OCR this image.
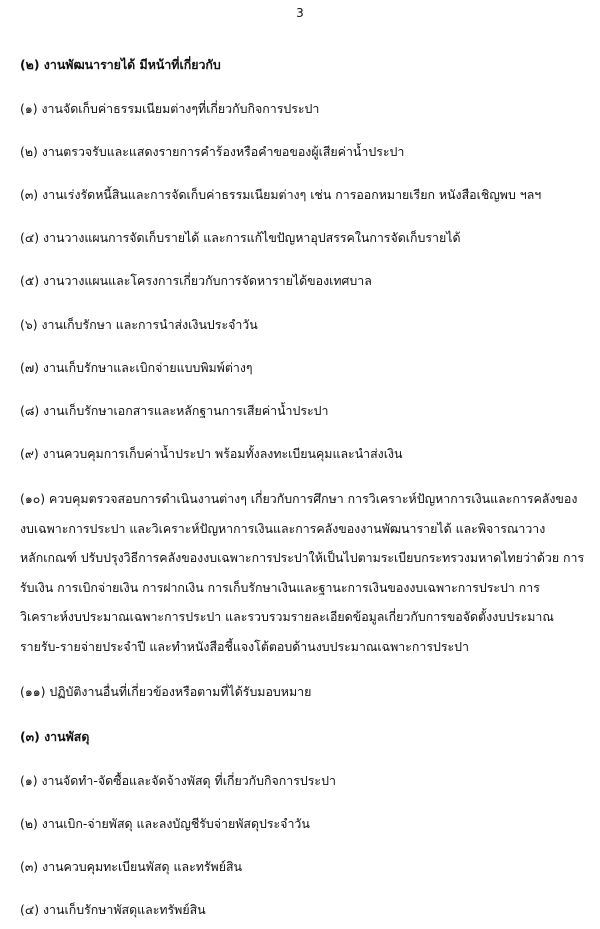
3
(๒) งานพัฒนารายได้ มีหน้าที่เกี่ยวกับ
(๑) งานจัดเก็บค่าธรรมเนียมต่างๆที่เกี่ยวกับกิจการประปา
(๒) งานตรวจรับและแสดงรายการคำร้องหรือคำขอของผู้เสียค่าน้ำประปา
(๓) งานเร่งรัดหนี้สินและการจัดเก็บค่าธรรมเนียมต่างๆ เช่น การออกหมายเรียก หนังสือเชิญพบ ฯลฯ
(๔) งานวางแผนการจัดเก็บรายได้ และการแก้ไขปัญหาอุปสรรคในการจัดเก็บรายได้
(๕) งานวางแผนและโครงการเกี่ยวกับการจัดหารายได้ของเทศบาล
(๖) งานเก็บรักษา และการนำส่งเงินประจำวัน
(๗) งานเก็บรักษาและเบิกจ่ายแบบพิมพ์ต่างๆ
(๘) งานเก็บรักษาเอกสารและหลักฐานการเสียค่าน้ำประปา
(๙) งานควบคุมการเก็บค่าน้ำประปา พร้อมทั้งลงทะเบียนคุมและนำส่งเงิน
(๑๐) ควบคุมตรวจสอบการดำเนินงานต่างๆ เกี่ยวกับการศึกษา การวิเคราะห์ปัญหาการเงินและการคลังของ
งบเฉพาะการประปา และวิเคราะห์ปัญหาการเงินและการคลังของงานพัฒนารายได้ และพิจารณาวาง
หลักเกณฑ์ ปรับปรุงวิธีการคลังของงบเฉพาะการประปาให้เป็นไปตามระเบียบกระทรวงมหาดไทยว่าด้วย การ
รับเงิน การเบิกจ่ายเงิน การฝากเงิน การเก็บรักษาเงินและฐานะการเงินของงบเฉพาะการประปา การ
วิเคราะห์งบประมาณเฉพาะการประปา และรวบรวมรายละเอียดข้อมูลเกี่ยวกับการขอจัดตั้งงบประมาณ
รายรับ-รายจ่ายประจำปี และทำหนังสือชี้แจงโต้ตอบด้านงบประมาณเฉพาะการประปา
(๑๑) ปฏิบัติงานอื่นที่เกี่ยวข้องหรือตามที่ได้รับมอบหมาย
(๓) งานพัสดุ
(๑) งานจัดทำ-จัดซื้อและจัดจ้างพัสดุ ที่เกี่ยวกับกิจการประปา
(๒) งานเบิก-จ่ายพัสดุ และลงบัญชีรับจ่ายพัสดุประจำวัน
(๓) งานควบคุมทะเบียนพัสดุ และทรัพย์สิน
(๔) งานเก็บรักษาพัสดุและทรัพย์สิน
